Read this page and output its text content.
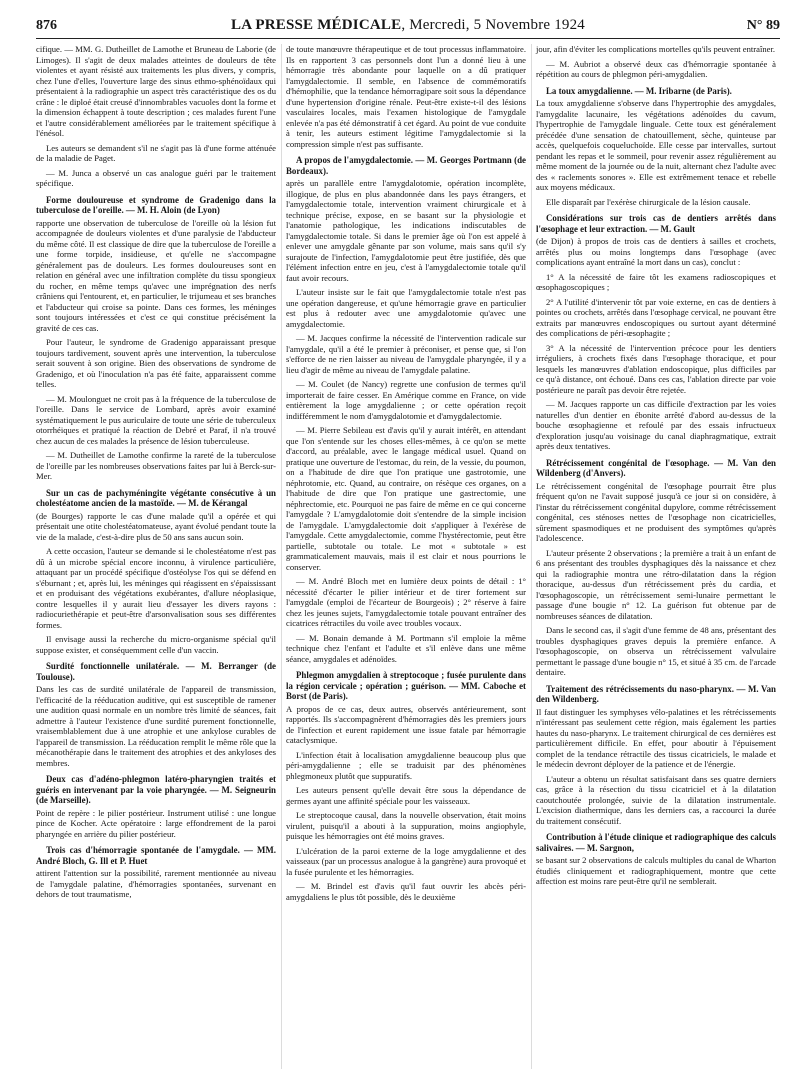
876	LA PRESSE MÉDICALE, Mercredi, 5 Novembre 1924	N° 89

cifique. — MM. G. Dutheillet de Lamothe et Bruneau de Laborie (de Limoges). Il s'agit de deux malades atteintes de douleurs de tête violentes et ayant résisté aux traitements les plus divers, y compris, chez l'une d'elles, l'ouverture large des sinus ethmo-sphénoïdaux qui présentaient à la radiographie un aspect très caractéristique des os du crâne : le diploé était creusé d'innombrables vacuoles dont la forme et la dimension échappent à toute description ; ces malades furent l'une et l'autre considérablement améliorées par le traitement spécifique à l'énésol.

Les auteurs se demandent s'il ne s'agit pas là d'une forme atténuée de la maladie de Paget.

— M. Junca a observé un cas analogue guéri par le traitement spécifique.

Forme douloureuse et syndrome de Gradenigo dans la tuberculose de l'oreille. — M. H. Aloin (de Lyon)

rapporte une observation de tuberculose de l'oreille où la lésion fut accompagnée de douleurs violentes et d'une paralysie de l'abducteur du même côté. Il est classique de dire que la tuberculose de l'oreille a une forme torpide, insidieuse, et qu'elle ne s'accompagne généralement pas de douleurs. Les formes douloureuses sont en relation en général avec une infiltration complète du tissu spongieux du rocher, en même temps qu'avec une imprégnation des nerfs crâniens qui l'entourent, et, en particulier, le trijumeau et ses branches et l'abducteur qui croise sa pointe. Dans ces formes, les méninges sont toujours intéressées et c'est ce qui constitue précisément la gravité de ces cas.

Pour l'auteur, le syndrome de Gradenigo apparaissant presque toujours tardivement, souvent après une intervention, la tuberculose serait souvent à son origine. Bien des observations de syndrome de Gradenigo, et où l'inoculation n'a pas été faite, apparaissent comme telles.

— M. Moulonguet ne croit pas à la fréquence de la tuberculose de l'oreille. Dans le service de Lombard, après avoir examiné systématiquement le pus auriculaire de toute une série de tuberculeux otorrhéiques et pratiqué la réaction de Debré et Paraf, il n'a trouvé chez aucun de ces malades la présence de lésion tuberculeuse.

— M. Dutheillet de Lamothe confirme la rareté de la tuberculose de l'oreille par les nombreuses observations faites par lui à Berck-sur-Mer.

Sur un cas de pachyméningite végétante consécutive à un cholestéatome ancien de la mastoïde. — M. de Kérangal

(de Bourges) rapporte le cas d'une malade qu'il a opérée et qui présentait une otite cholestéatomateuse, ayant évolué pendant toute la vie de la malade, c'est-à-dire plus de 50 ans sans aucun soin.

A cette occasion, l'auteur se demande si le cholestéatome n'est pas dû à un microbe spécial encore inconnu, à virulence particulière, attaquant par un procédé spécifique d'ostéolyse l'os qui se défend en s'éburnant ; et, après lui, les méninges qui réagissent en s'épaississant et en produisant des végétations exubérantes, d'allure néoplasique, contre lesquelles il y aurait lieu d'essayer les divers rayons : radiocuriethérapie et peut-être d'arsonvalisation sous ses différentes formes.

Il envisage aussi la recherche du micro-organisme spécial qu'il suppose exister, et conséquemment celle d'un vaccin.

Surdité fonctionnelle unilatérale. — M. Berranger (de Toulouse).

Dans les cas de surdité unilatérale de l'appareil de transmission, l'efficacité de la rééducation auditive, qui est susceptible de ramener une audition quasi normale en un nombre très limité de séances, fait admettre à l'auteur l'existence d'une surdité purement fonctionnelle, vraisemblablement due à une atrophie et une ankylose curables de l'appareil de transmission. La rééducation remplit le même rôle que la mécanothérapie dans le traitement des atrophies et des ankyloses des membres.

Deux cas d'adéno-phlegmon latéro-pharyngien traités et guéris en intervenant par la voie pharyngée. — M. Seigneurin (de Marseille).

Point de repère : le pilier postérieur. Instrument utilisé : une longue pince de Kocher. Acte opératoire : large effondrement de la paroi pharyngée en arrière du pilier postérieur.

Trois cas d'hémorragie spontanée de l'amygdale. — MM. André Bloch, G. Ill et P. Huet

attirent l'attention sur la possibilité, rarement mentionnée au niveau de l'amygdale palatine, d'hémorragies spontanées, survenant en dehors de tout traumatisme,

de toute manœuvre thérapeutique et de tout processus inflammatoire. Ils en rapportent 3 cas personnels dont l'un a donné lieu à une hémorragie très abondante pour laquelle on a dû pratiquer l'amygdalectomie. Il semble, en l'absence de commémoratifs d'hémophilie, que la tendance hémorragipare soit sous la dépendance d'une hypertension d'origine rénale. Peut-être existe-t-il des lésions vasculaires locales, mais l'examen histologique de l'amygdale enlevée n'a pas été démonstratif à cet égard. Au point de vue conduite à tenir, les auteurs estiment légitime l'amygdalectomie si la compression simple n'est pas suffisante.

A propos de l'amygdalectomie. — M. Georges Portmann (de Bordeaux).

après un parallèle entre l'amygdalotomie, opération incomplète, illogique, de plus en plus abandonnée dans les pays étrangers, et l'amygdalectomie totale, intervention vraiment chirurgicale et à technique précise, expose, en se basant sur la physiologie et l'anatomie pathologique, les indications indiscutables de l'amygdalectomie totale. Si dans le premier âge où l'on est appelé à enlever une amygdale gênante par son volume, mais sans qu'il s'y surajoute de l'infection, l'amygdalotomie peut être justifiée, dès que l'élément infection entre en jeu, c'est à l'amygdalectomie totale qu'il faut avoir recours.

L'auteur insiste sur le fait que l'amygdalectomie totale n'est pas une opération dangereuse, et qu'une hémorragie grave en particulier est plus à redouter avec une amygdalotomie qu'avec une amygdalectomie.

— M. Jacques confirme la nécessité de l'intervention radicale sur l'amygdale, qu'il a été le premier à préconiser, et pense que, si l'on s'efforce de ne rien laisser au niveau de l'amygdale pharyngée, il y a lieu d'agir de même au niveau de l'amygdale palatine.

— M. Coulet (de Nancy) regrette une confusion de termes qu'il importerait de faire cesser. En Amérique comme en France, on vide entièrement la loge amygdalienne ; or cette opération reçoit indifféremment le nom d'amygdalotomie et d'amygdalectomie.

— M. Pierre Sebileau est d'avis qu'il y aurait intérêt, en attendant que l'on s'entende sur les choses elles-mêmes, à ce qu'on se mette d'accord, au préalable, avec le langage médical usuel. Quand on pratique une ouverture de l'estomac, du rein, de la vessie, du poumon, on a l'habitude de dire que l'on pratique une gastrotomie, une néphrotomie, etc. Quand, au contraire, on résèque ces organes, on a l'habitude de dire que l'on pratique une gastrectomie, une néphrectomie, etc. Pourquoi ne pas faire de même en ce qui concerne l'amygdale ? L'amygdalotomie doit s'entendre de la simple incision de l'amygdale. L'amygdalectomie doit s'appliquer à l'exérèse de l'amygdale. Cette amygdalectomie, comme l'hystérectomie, peut être partielle, subtotale ou totale. Le mot « subtotale » est grammaticalement mauvais, mais il est clair et nous pourrions le conserver.

— M. André Bloch met en lumière deux points de détail : 1° nécessité d'écarter le pilier intérieur et de tirer fortement sur l'amygdale (emploi de l'écarteur de Bourgeois) ; 2° réserve à faire chez les jeunes sujets, l'amygdalectomie totale pouvant entraîner des cicatrices rétractiles du voile avec troubles vocaux.

— M. Bonain demande à M. Portmann s'il emploie la même technique chez l'enfant et l'adulte et s'il enlève dans une même séance, amygdales et adénoïdes.

Phlegmon amygdalien à streptocoque ; fusée purulente dans la région cervicale ; opération ; guérison. — MM. Caboche et Borst (de Paris).

A propos de ce cas, deux autres, observés antérieurement, sont rapportés. Ils s'accompagnèrent d'hémorragies dès les premiers jours de l'infection et eurent rapidement une issue fatale par hémorragie cataclysmique.

L'infection était à localisation amygdalienne beaucoup plus que péri-amygdalienne ; elle se traduisit par des phénomènes phlegmoneux plutôt que suppuratifs.

Les auteurs pensent qu'elle devait être sous la dépendance de germes ayant une affinité spéciale pour les vaisseaux.

Le streptocoque causal, dans la nouvelle observation, était moins virulent, puisqu'il a abouti à la suppuration, moins angiophyle, puisque les hémorragies ont été moins graves.

L'ulcération de la paroi externe de la loge amygdalienne et des vaisseaux (par un processus analogue à la gangrène) aura provoqué et la fusée purulente et les hémorragies.

— M. Brindel est d'avis qu'il faut ouvrir les abcès péri-amygdaliens le plus tôt possible, dès le deuxième

jour, afin d'éviter les complications mortelles qu'ils peuvent entraîner.

— M. Aubriot a observé deux cas d'hémorragie spontanée à répétition au cours de phlegmon péri-amygdalien.

La toux amygdalienne. — M. Iribarne (de Paris).

La toux amygdalienne s'observe dans l'hypertrophie des amygdales, l'amygdalite lacunaire, les végétations adénoïdes du cavum, l'hypertrophie de l'amygdale linguale. Cette toux est généralement précédée d'une sensation de chatouillement, sèche, quinteuse par accès, quelquefois coqueluchoïde. Elle cesse par intervalles, surtout pendant les repas et le sommeil, pour revenir assez régulièrement au même moment de la journée ou de la nuit, alternant chez l'adulte avec des « raclements sonores ». Elle est extrêmement tenace et rebelle aux moyens médicaux.

Elle disparaît par l'exérèse chirurgicale de la lésion causale.

Considérations sur trois cas de dentiers arrêtés dans l'œsophage et leur extraction. — M. Gault

(de Dijon) à propos de trois cas de dentiers à sailles et crochets, arrêtés plus ou moins longtemps dans l'œsophage (avec complications ayant entraîné la mort dans un cas), conclut :

1° A la nécessité de faire tôt les examens radioscopiques et œsophagoscopiques ;

2° A l'utilité d'intervenir tôt par voie externe, en cas de dentiers à pointes ou crochets, arrêtés dans l'œsophage cervical, ne pouvant être extraits par manœuvres endoscopiques ou surtout ayant déterminé des complications de péri-œsophagite ;

3° A la nécessité de l'intervention précoce pour les dentiers irréguliers, à crochets fixés dans l'œsophage thoracique, et pour lesquels les manœuvres d'ablation endoscopique, plus difficiles par ce qu'à distance, ont échoué. Dans ces cas, l'ablation directe par voie postérieure ne paraît pas devoir être rejetée.

— M. Jacques rapporte un cas difficile d'extraction par les voies naturelles d'un dentier en ébonite arrêté d'abord au-dessus de la bouche œsophagienne et refoulé par des essais infructueux d'exploration jusqu'au voisinage du canal diaphragmatique, extrait après deux tentatives.

Rétrécissement congénital de l'œsophage. — M. Van den Wildenberg (d'Anvers).

Le rétrécissement congénital de l'œsophage pourrait être plus fréquent qu'on ne l'avait supposé jusqu'à ce jour si on considère, à l'instar du rétrécissement congénital dupylore, comme rétrécissement congénital, ces sténoses nettes de l'œsophage non cicatricielles, sûrement spasmodiques et ne produisent des symptômes qu'après l'adolescence.

L'auteur présente 2 observations ; la première a trait à un enfant de 6 ans présentant des troubles dysphagiques dès la naissance et chez qui la radiographie montra une rétro-dilatation dans la région thoracique, au-dessus d'un rétrécissement près du cardia, et l'œsophagoscopie, un rétrécissement semi-lunaire permettant le passage d'une bougie n° 12. La guérison fut obtenue par de nombreuses séances de dilatation.

Dans le second cas, il s'agit d'une femme de 48 ans, présentant des troubles dysphagiques graves depuis la première enfance. A l'œsophagoscopie, on observa un rétrécissement valvulaire permettant le passage d'une bougie n° 15, et situé à 35 cm. de l'arcade dentaire.

Traitement des rétrécissements du naso-pharynx. — M. Van den Wildenberg.

Il faut distinguer les symphyses vélo-palatines et les rétrécissements n'intéressant pas seulement cette région, mais également les parties hautes du naso-pharynx. Le traitement chirurgical de ces dernières est particulièrement difficile. En effet, pour aboutir à l'épuisement complet de la tendance rétractile des tissus cicatriciels, le malade et le médecin devront déployer de la patience et de l'énergie.

L'auteur a obtenu un résultat satisfaisant dans ses quatre derniers cas, grâce à la résection du tissu cicatriciel et à la dilatation caoutchoutée prolongée, suivie de la dilatation instrumentale. L'excision diathermique, dans les derniers cas, a raccourci la durée du traitement consécutif.

Contribution à l'étude clinique et radiographique des calculs salivaires. — M. Sargnon,

se basant sur 2 observations de calculs multiples du canal de Wharton étudiés cliniquement et radiographiquement, montre que cette affection est moins rare peut-être qu'il ne semblerait.
